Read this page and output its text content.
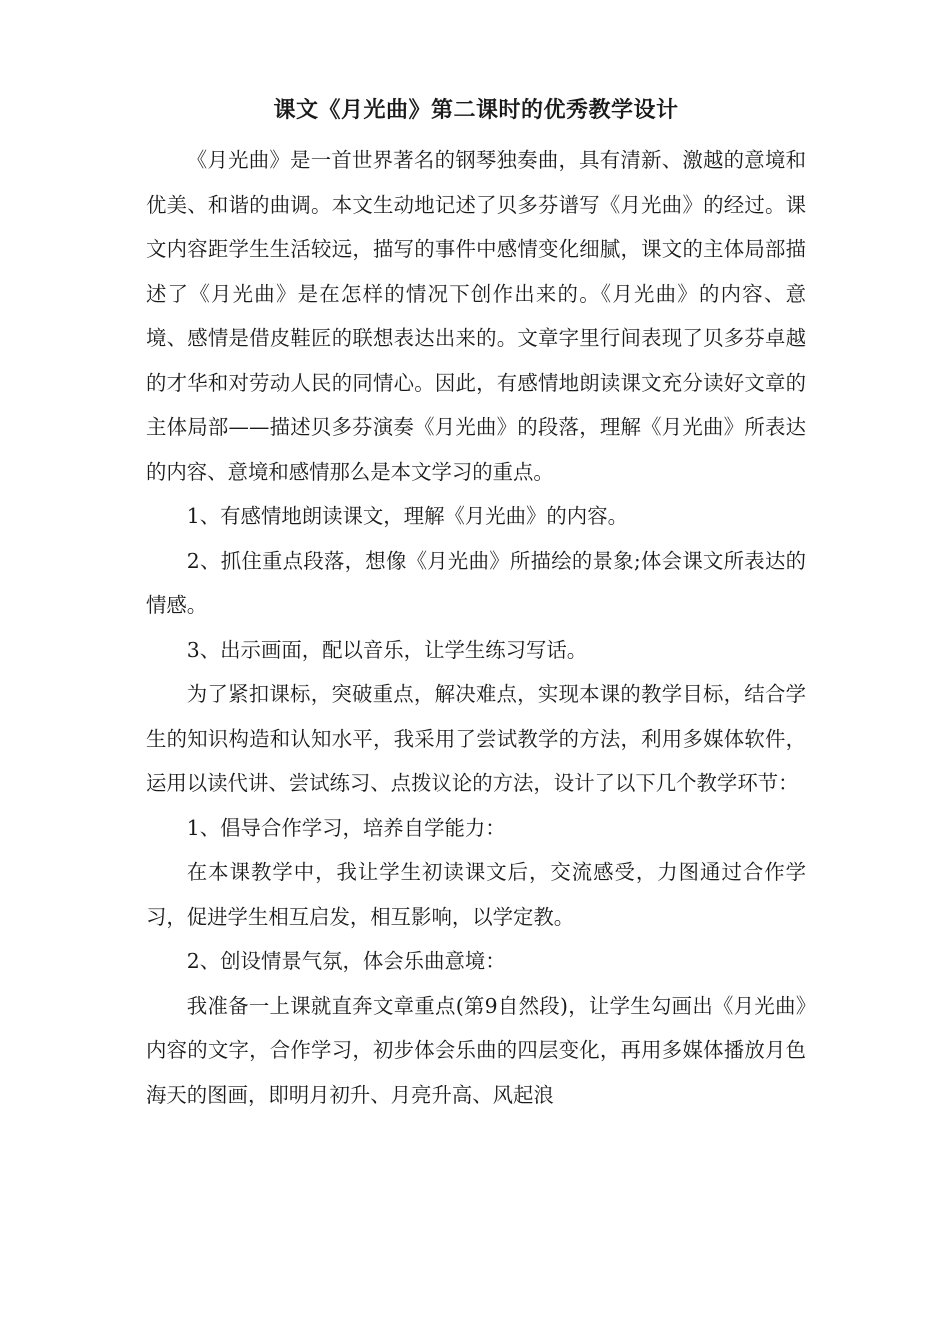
课文《月光曲》第二课时的优秀教学设计

《月光曲》是一首世界著名的钢琴独奏曲，具有清新、激越的意境和优美、和谐的曲调。本文生动地记述了贝多芬谱写《月光曲》的经过。课文内容距学生生活较远，描写的事件中感情变化细腻，课文的主体局部描述了《月光曲》是在怎样的情况下创作出来的。《月光曲》的内容、意境、感情是借皮鞋匠的联想表达出来的。文章字里行间表现了贝多芬卓越的才华和对劳动人民的同情心。因此，有感情地朗读课文充分读好文章的主体局部——描述贝多芬演奏《月光曲》的段落，理解《月光曲》所表达的内容、意境和感情那么是本文学习的重点。

1、有感情地朗读课文，理解《月光曲》的内容。

2、抓住重点段落，想像《月光曲》所描绘的景象;体会课文所表达的情感。

3、出示画面，配以音乐，让学生练习写话。

为了紧扣课标，突破重点，解决难点，实现本课的教学目标，结合学生的知识构造和认知水平，我采用了尝试教学的方法，利用多媒体软件，运用以读代讲、尝试练习、点拨议论的方法，设计了以下几个教学环节：

1、倡导合作学习，培养自学能力：

在本课教学中，我让学生初读课文后，交流感受，力图通过合作学习，促进学生相互启发，相互影响，以学定教。

2、创设情景气氛，体会乐曲意境：

我准备一上课就直奔文章重点(第9自然段)，让学生勾画出《月光曲》内容的文字，合作学习，初步体会乐曲的四层变化，再用多媒体播放月色海天的图画，即明月初升、月亮升高、风起浪
